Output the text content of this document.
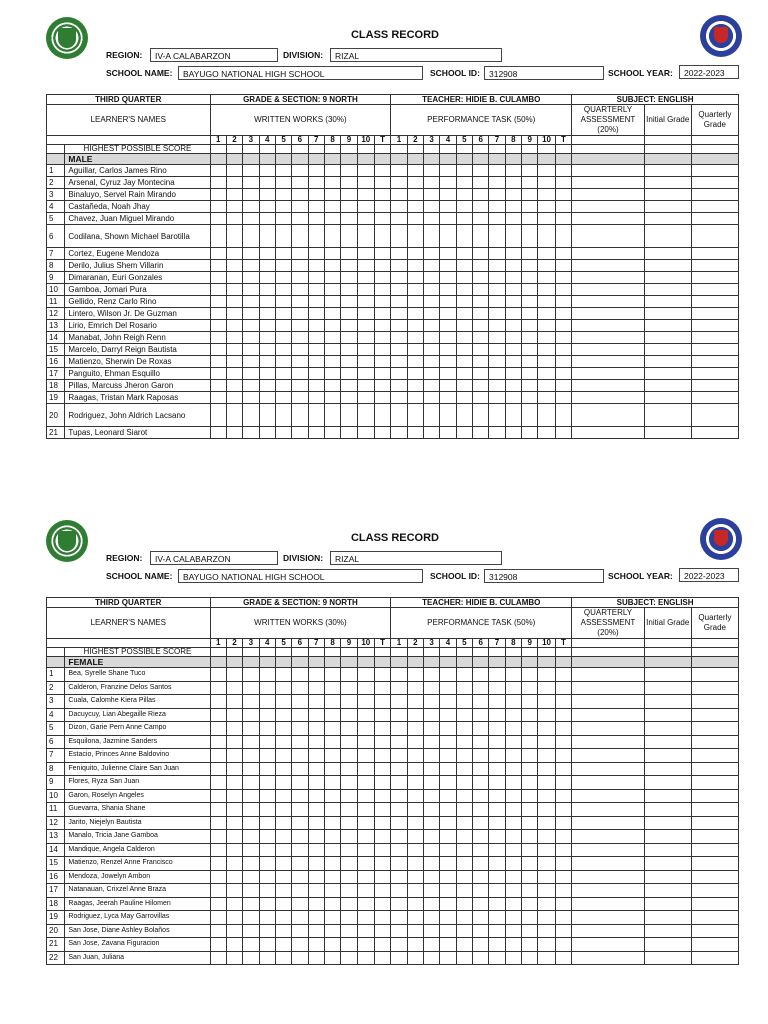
CLASS RECORD
REGION:	IV-A CALABARZON	DIVISION:	RIZAL
SCHOOL NAME:	BAYUGO NATIONAL HIGH SCHOOL	SCHOOL ID:	312908	SCHOOL YEAR:	2022-2023
THIRD QUARTER		GRADE & SECTION: 9 NORTH											TEACHER: HIDIE B. CULAMBO											SUBJECT: ENGLISH		
LEARNER'S NAMES		WRITTEN WORKS (30%)											PERFORMANCE TASK (50%)											QUARTERLY ASSESSMENT (20%)	Initial Grade	Quarterly Grade
		1	2	3	4	5	6	7	8	9	10	T	1	2	3	4	5	6	7	8	9	10	T			
	HIGHEST POSSIBLE SCORE																									
	MALE																									
1	Aguillar, Carlos James Rino																									
2	Arsenal, Cyruz Jay Montecina																									
3	Binaluyo, Servel Rain Mirando																									
4	Castañeda, Noah Jhay																									
5	Chavez, Juan Miguel Mirando																									
6	Codilana, Shown Michael Barotilla																									
7	Cortez, Eugene Mendoza																									
8	Derilo, Julius Shem Villarin																									
9	Dimaranan, Euri Gonzales																									
10	Gamboa, Jomari Pura																									
11	Gellido, Renz Carlo Rino																									
12	Lintero, Wilson Jr. De Guzman																									
13	Lirio, Emrich Del Rosario																									
14	Manabat, John Reigh Renn																									
15	Marcelo, Darryl Reign Bautista																									
16	Matienzo, Sherwin De Roxas																									
17	Panguito, Ehman Esquillo																									
18	Pillas, Marcuss Jheron Garon																									
19	Raagas, Tristan Mark Raposas																									
20	Rodriguez, John Aldrich Lacsano																									
21	Tupas, Leonard Siarot																									
CLASS RECORD
REGION:	IV-A CALABARZON	DIVISION:	RIZAL
SCHOOL NAME:	BAYUGO NATIONAL HIGH SCHOOL	SCHOOL ID:	312908	SCHOOL YEAR:	2022-2023
THIRD QUARTER		GRADE & SECTION: 9 NORTH											TEACHER: HIDIE B. CULAMBO											SUBJECT: ENGLISH		
LEARNER'S NAMES		WRITTEN WORKS (30%)											PERFORMANCE TASK (50%)											QUARTERLY ASSESSMENT (20%)	Initial Grade	Quarterly Grade
		1	2	3	4	5	6	7	8	9	10	T	1	2	3	4	5	6	7	8	9	10	T			
	HIGHEST POSSIBLE SCORE																									
	FEMALE																									
1	Bea, Syrelle Shane Tuco																									
2	Calderon, Franzine Delos Santos																									
3	Cuala, Calomhe Kiera Pillas																									
4	Dacuycuy, Lian Abegaille Rieza																									
5	Dizon, Garie Pern Anne Campo																									
6	Esquilona, Jazmine Sanders																									
7	Estacio, Princes Anne Baldovino																									
8	Feniquito, Julienne Claire San Juan																									
9	Flores, Ryza San Juan																									
10	Garon, Roselyn Angeles																									
11	Guevarra, Shania Shane																									
12	Jarito, Niejelyn Bautista																									
13	Manalo, Tricia Jane Gamboa																									
14	Mandique, Angela Calderon																									
15	Matienzo, Renzel Anne Francisco																									
16	Mendoza, Jowelyn Ambon																									
17	Natanauan, Crixzel Anne Braza																									
18	Raagas, Jeerah Pauline Hilomen																									
19	Rodriguez, Lyca May Garrovillas																									
20	San Jose, Diane Ashley Bolaños																									
21	San Jose, Zavana Figuracion																									
22	San Juan, Juliana																									
